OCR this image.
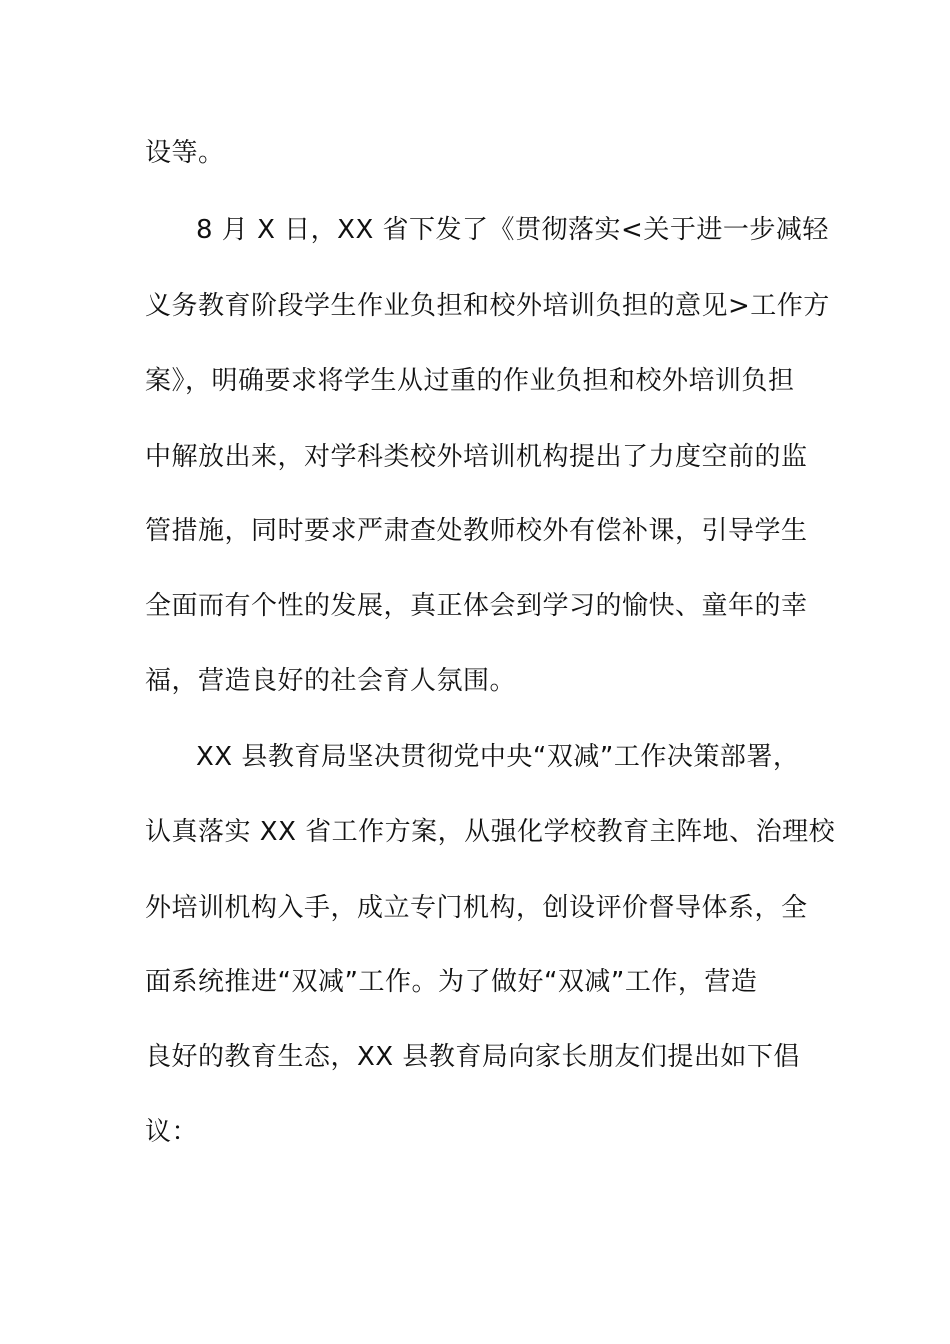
设等。
8 月 X 日，XX 省下发了《贯彻落实<关于进一步减轻
义务教育阶段学生作业负担和校外培训负担的意见>工作方
案》，明确要求将学生从过重的作业负担和校外培训负担
中解放出来，对学科类校外培训机构提出了力度空前的监
管措施，同时要求严肃查处教师校外有偿补课，引导学生
全面而有个性的发展，真正体会到学习的愉快、童年的幸
福，营造良好的社会育人氛围。
XX 县教育局坚决贯彻党中央“双减”工作决策部署，
认真落实 XX 省工作方案，从强化学校教育主阵地、治理校
外培训机构入手，成立专门机构，创设评价督导体系，全
面系统推进“双减”工作。为了做好“双减”工作，营造
良好的教育生态，XX 县教育局向家长朋友们提出如下倡
议：
